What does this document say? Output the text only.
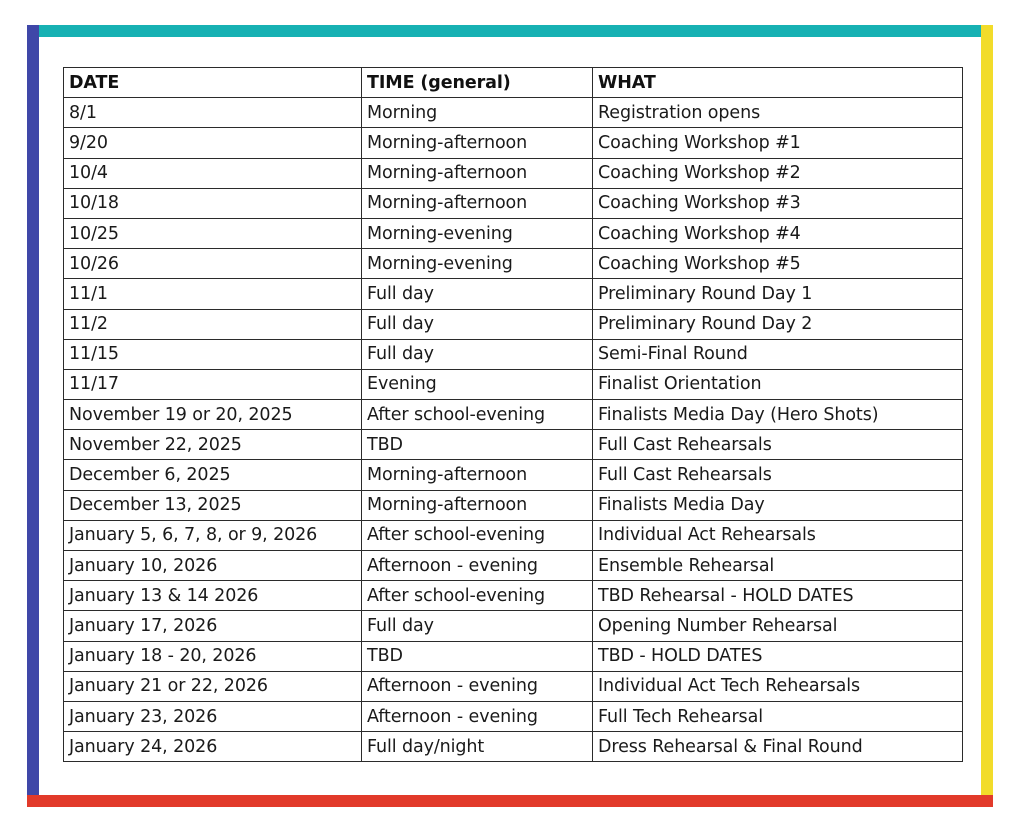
DATE	TIME (general)	WHAT
8/1	Morning	Registration opens
9/20	Morning-afternoon	Coaching Workshop #1
10/4	Morning-afternoon	Coaching Workshop #2
10/18	Morning-afternoon	Coaching Workshop #3
10/25	Morning-evening	Coaching Workshop #4
10/26	Morning-evening	Coaching Workshop #5
11/1	Full day	Preliminary Round Day 1
11/2	Full day	Preliminary Round Day 2
11/15	Full day	Semi-Final Round
11/17	Evening	Finalist Orientation
November 19 or 20, 2025	After school-evening	Finalists Media Day (Hero Shots)
November 22, 2025	TBD	Full Cast Rehearsals
December 6, 2025	Morning-afternoon	Full Cast Rehearsals
December 13, 2025	Morning-afternoon	Finalists Media Day
January 5, 6, 7, 8, or 9, 2026	After school-evening	Individual Act Rehearsals
January 10, 2026	Afternoon - evening	Ensemble Rehearsal
January 13 & 14 2026	After school-evening	TBD Rehearsal - HOLD DATES
January 17, 2026	Full day	Opening Number Rehearsal
January 18 - 20, 2026	TBD	TBD - HOLD DATES
January 21 or 22, 2026	Afternoon - evening	Individual Act Tech Rehearsals
January 23, 2026	Afternoon - evening	Full Tech Rehearsal
January 24, 2026	Full day/night	Dress Rehearsal & Final Round
